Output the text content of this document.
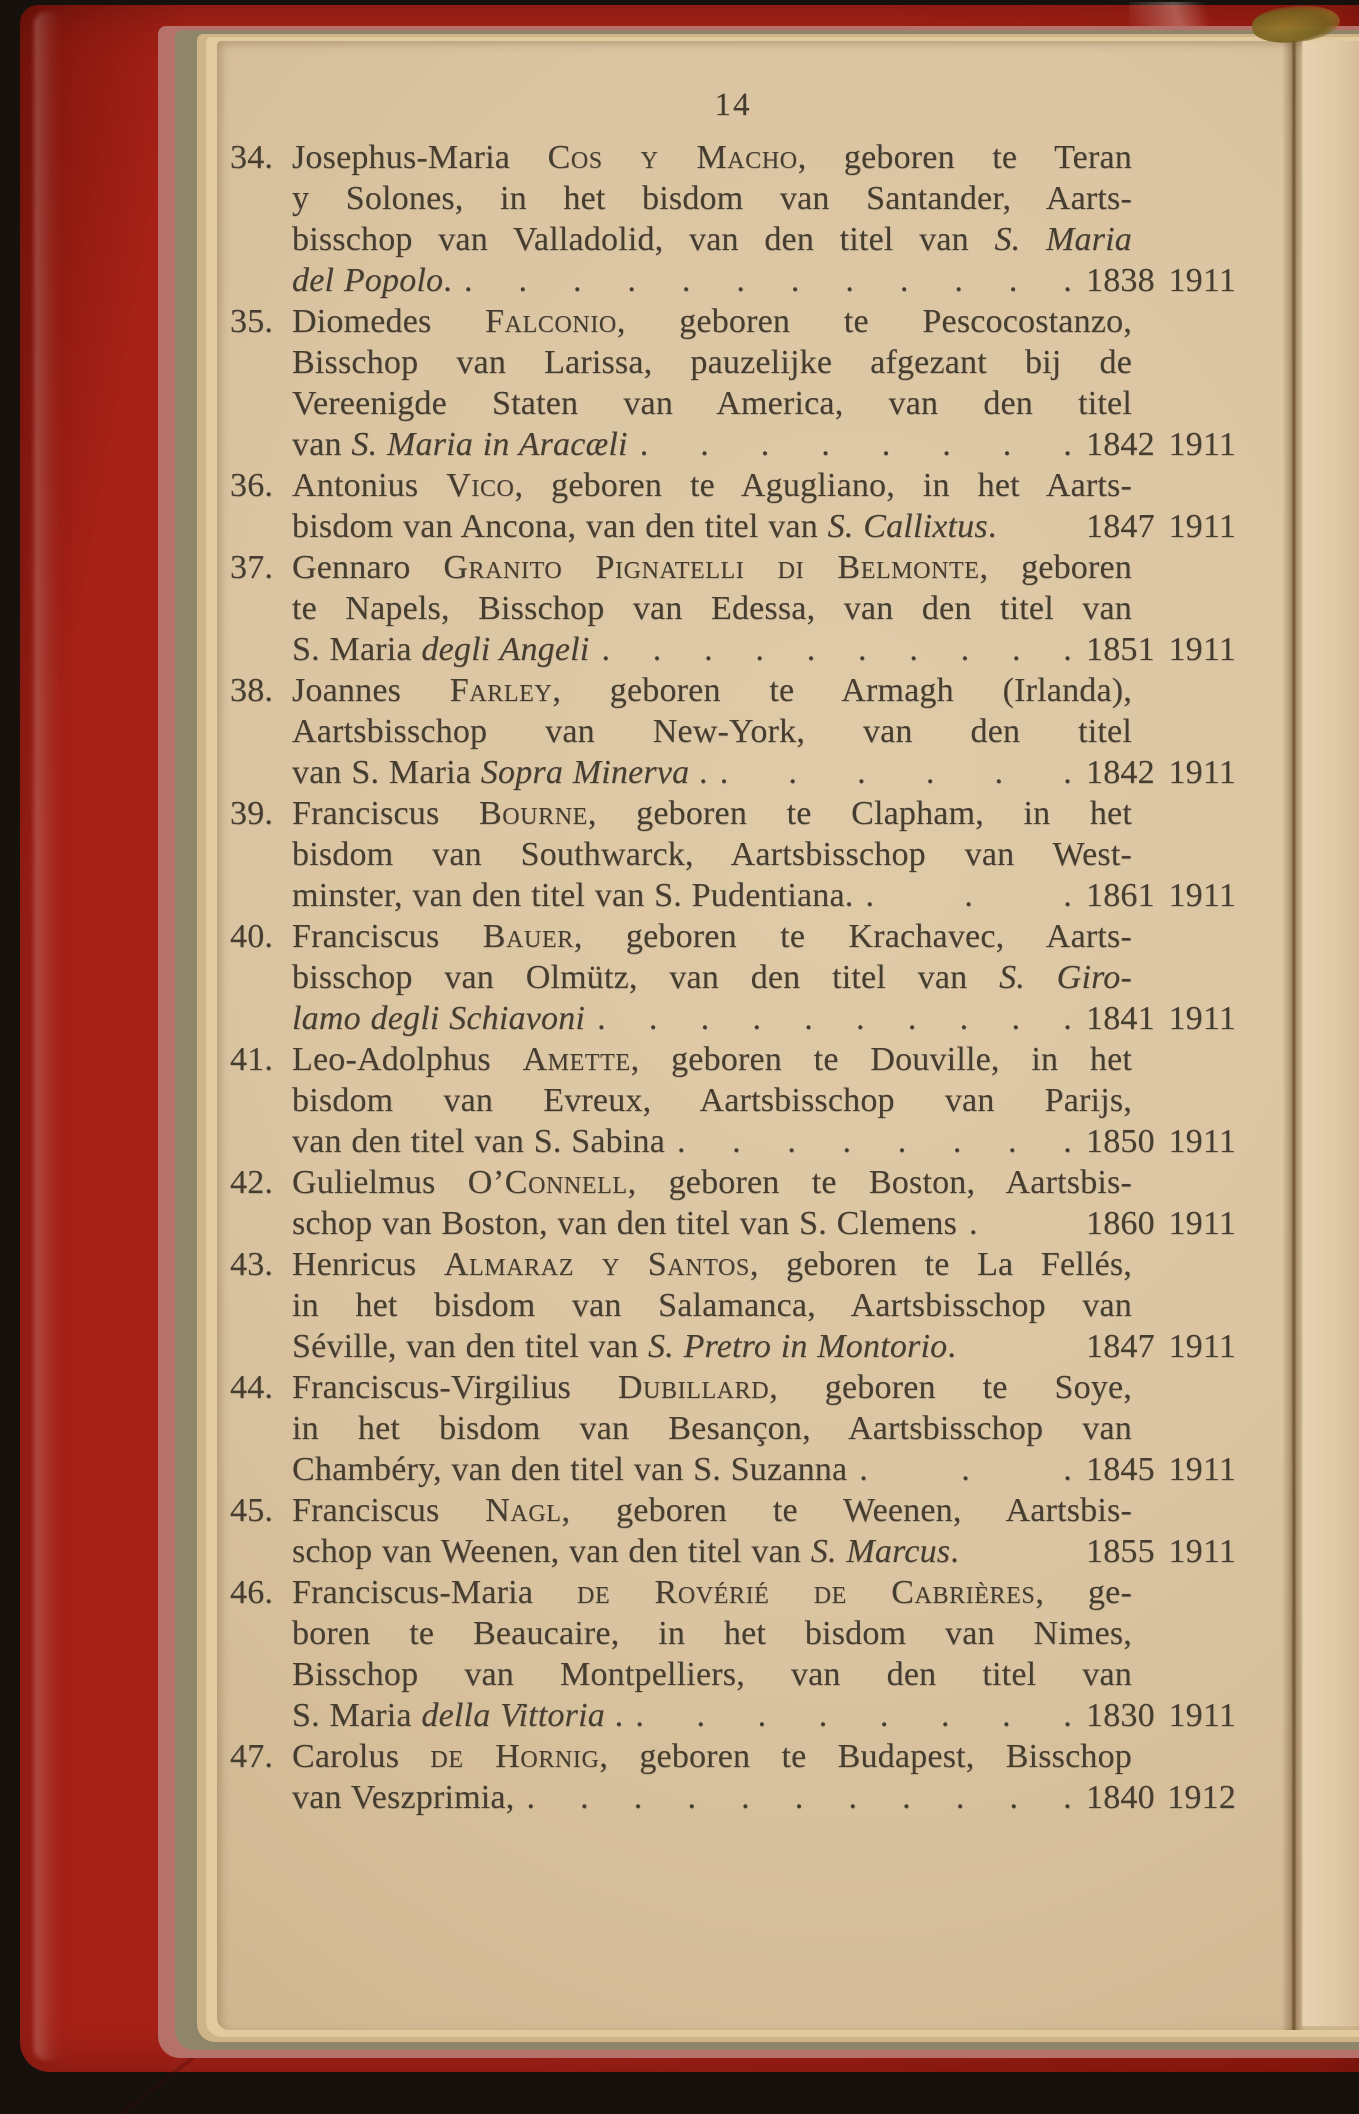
14
34. Josephus-Maria Cos y Macho, geboren te Teran
y Solones, in het bisdom van Santander, Aarts-
bisschop van Valladolid, van den titel van S. Maria
del Popolo. . . . . . . . . . . . . 1838 1911
35. Diomedes Falconio, geboren te Pescocostanzo,
Bisschop van Larissa, pauzelijke afgezant bij de
Vereenigde Staten van America, van den titel
van S. Maria in Aracæli . . . . . . . . 1842 1911
36. Antonius Vico, geboren te Agugliano, in het Aarts-
bisdom van Ancona, van den titel van S. Callixtus.	1847 1911
37. Gennaro Granito Pignatelli di Belmonte, geboren
te Napels, Bisschop van Edessa, van den titel van
S. Maria degli Angeli . . . . . . . . . . 1851 1911
38. Joannes Farley, geboren te Armagh (Irlanda),
Aartsbisschop van New-York, van den titel
van S. Maria Sopra Minerva . . . . . . . 1842 1911
39. Franciscus Bourne, geboren te Clapham, in het
bisdom van Southwarck, Aartsbisschop van West-
minster, van den titel van S. Pudentiana. .	.	. 1861 1911
40. Franciscus Bauer, geboren te Krachavec, Aarts-
bisschop van Olmütz, van den titel van S. Giro-
lamo degli Schiavoni . . . . . . . . . . 1841 1911
41. Leo-Adolphus Amette, geboren te Douville, in het
bisdom van Evreux, Aartsbisschop van Parijs,
van den titel van S. Sabina . . . . . . . . 1850 1911
42. Gulielmus O’Connell, geboren te Boston, Aartsbis-
schop van Boston, van den titel van S. Clemens .	1860 1911
43. Henricus Almaraz y Santos, geboren te La Fellés,
in het bisdom van Salamanca, Aartsbisschop van
Séville, van den titel van S. Pretro in Montorio.	1847 1911
44. Franciscus-Virgilius Dubillard, geboren te Soye,
in het bisdom van Besançon, Aartsbisschop van
Chambéry, van den titel van S. Suzanna .	.	. 1845 1911
45. Franciscus Nagl, geboren te Weenen, Aartsbis-
schop van Weenen, van den titel van S. Marcus.	1855 1911
46. Franciscus-Maria de Rovérié de Cabrières, ge-
boren te Beaucaire, in het bisdom van Nimes,
Bisschop van Montpelliers, van den titel van
S. Maria della Vittoria . . . . . . . . . 1830 1911
47. Carolus de Hornig, geboren te Budapest, Bisschop
van Veszprimia, . . . . . . . . . . . 1840 1912
